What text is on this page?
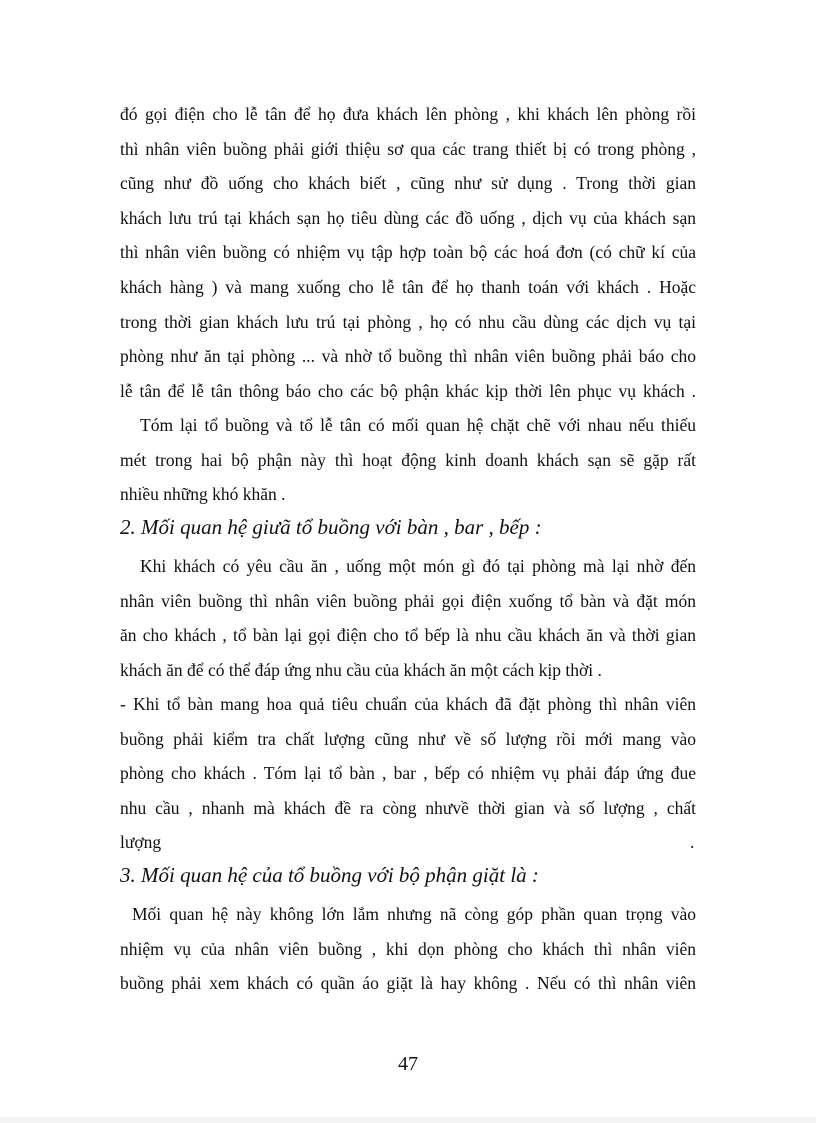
đó gọi điện cho lễ tân để họ đưa khách lên phòng , khi khách lên phòng rồi
thì nhân viên buồng phải giới thiệu sơ qua các trang thiết bị có trong phòng ,
cũng như đồ uống cho khách biết , cũng như sử dụng . Trong thời gian
khách lưu trú tại khách sạn họ tiêu dùng các đồ uống , dịch vụ của khách sạn
thì nhân viên buồng có nhiệm vụ tập hợp toàn bộ các hoá đơn (có chữ kí của
khách hàng ) và mang xuống cho lễ tân để họ thanh toán với khách . Hoặc
trong thời gian khách lưu trú tại phòng , họ có nhu cầu dùng các dịch vụ tại
phòng như ăn tại phòng ... và nhờ tổ buồng thì nhân viên buồng phải báo cho
lễ tân để lễ tân thông báo cho các bộ phận khác kịp thời lên phục vụ khách .
Tóm lại tổ buồng và tổ lễ tân có mối quan hệ chặt chẽ với nhau nếu thiếu
mét trong hai bộ phận này thì hoạt động kinh doanh khách sạn sẽ gặp rất
nhiều những khó khăn .
2. Mối quan hệ giưã tổ buồng với bàn , bar , bếp :
Khi khách có yêu cầu ăn , uống một món gì đó tại phòng mà lại nhờ đến
nhân viên buồng thì nhân viên buồng phải gọi điện xuống tổ bàn và đặt món
ăn cho khách , tổ bàn lại gọi điện cho tổ bếp là nhu cầu khách ăn và thời gian
khách ăn để có thể đáp ứng nhu cầu của khách ăn một cách kịp thời .
- Khi tổ bàn mang hoa quả tiêu chuẩn của khách đã đặt phòng thì nhân viên
buồng phải kiểm tra chất lượng cũng như về số lượng rồi mới mang vào
phòng cho khách . Tóm lại tổ bàn , bar , bếp có nhiệm vụ phải đáp ứng đue
nhu cầu , nhanh mà khách đề ra còng nhưvề thời gian và số lượng , chất
lượng	.
3. Mối quan hệ của tổ buồng với bộ phận giặt là :
Mối quan hệ này không lớn lắm nhưng nã còng góp phần quan trọng vào
nhiệm vụ của nhân viên buồng , khi dọn phòng cho khách thì nhân viên
buồng phải xem khách có quần áo giặt là hay không . Nếu có thì nhân viên
47
